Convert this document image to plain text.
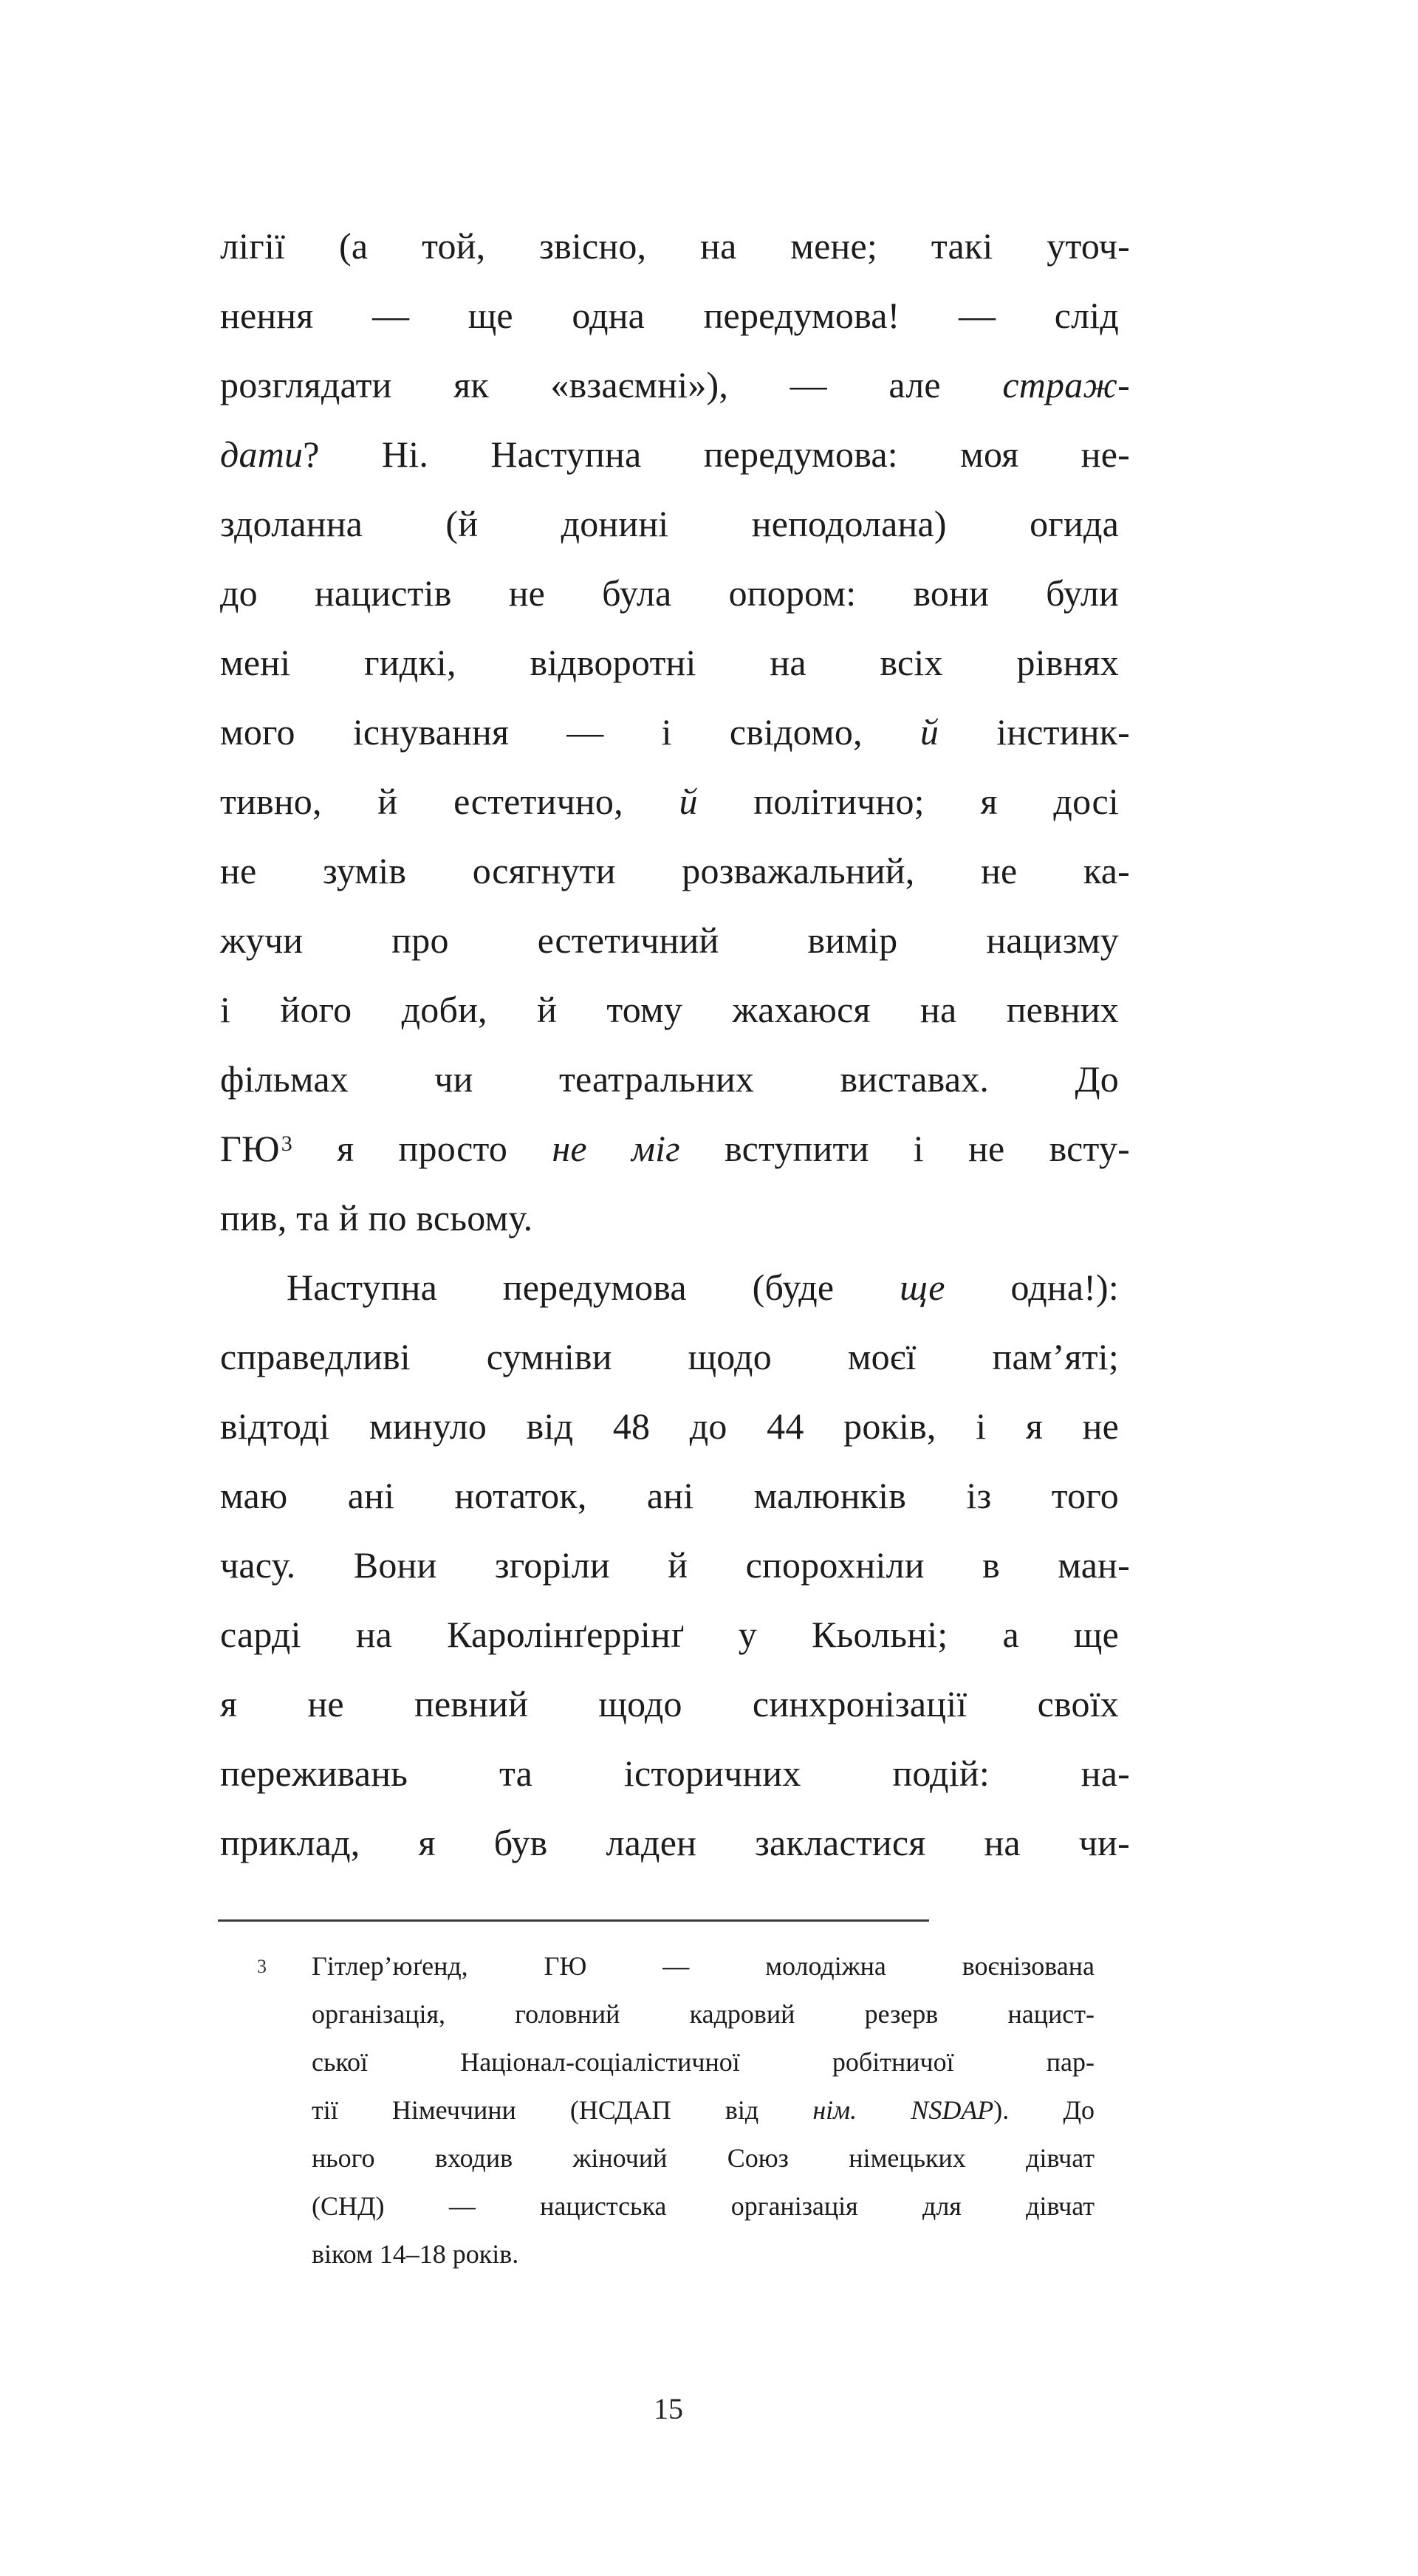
лігії (а той, звісно, на мене; такі уточ-
нення — ще одна передумова! — слід
розглядати як «взаємні»), — але страж-
дати? Ні. Наступна передумова: моя не-
здоланна (й донині неподолана) огида
до нацистів не була опором: вони були
мені гидкі, відворотні на всіх рівнях
мого існування — і свідомо, й інстинк-
тивно, й естетично, й політично; я досі
не зумів осягнути розважальний, не ка-
жучи про естетичний вимір нацизму
і його доби, й тому жахаюся на певних
фільмах чи театральних виставах. До
ГЮ$^3$ я просто не міг вступити і не всту-
пив, та й по всьому.
Наступна передумова (буде ще одна!):
справедливі сумніви щодо моєї пам’яті;
відтоді минуло від 48 до 44 років, і я не
маю ані нотаток, ані малюнків із того
часу. Вони згоріли й спорохніли в ман-
сарді на Каролінґеррінґ у Кьольні; а ще
я не певний щодо синхронізації своїх
переживань та історичних подій: на-
приклад, я був ладен закластися на чи-
3 Гітлер’юґенд, ГЮ — молодіжна воєнізована
організація, головний кадровий резерв нацист-
ської Націонал-соціалістичної робітничої пар-
тії Німеччини (НСДАП від нім. NSDAP). До
нього входив жіночий Союз німецьких дівчат
(СНД) — нацистська організація для дівчат
віком 14–18 років.
15
